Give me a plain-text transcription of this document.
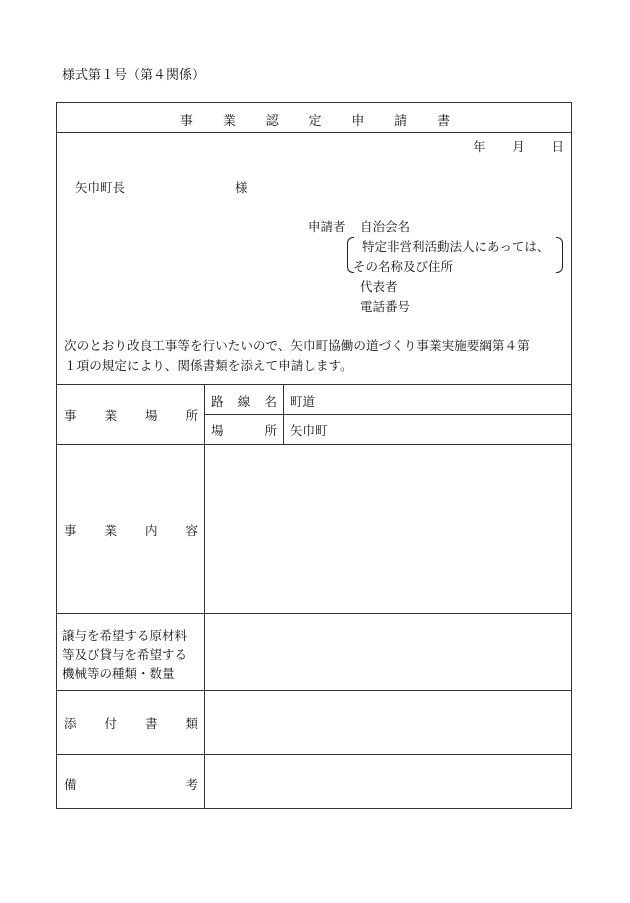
様式第１号（第４関係）
事 業 認 定 申 請 書
年 月 日
矢巾町長	様
申請者 自治会名
特定非営利活動法人にあっては、
その名称及び住所
代表者
電話番号
次のとおり改良工事等を行いたいので、矢巾町協働の道づくり事業実施要綱第４第
１項の規定により、関係書類を添えて申請します。
事 業 場 所
路 線 名 町道
場	所 矢巾町
事 業 内 容
譲与を希望する原材料
等及び貸与を希望する
機械等の種類・数量
添 付 書 類
備	考
